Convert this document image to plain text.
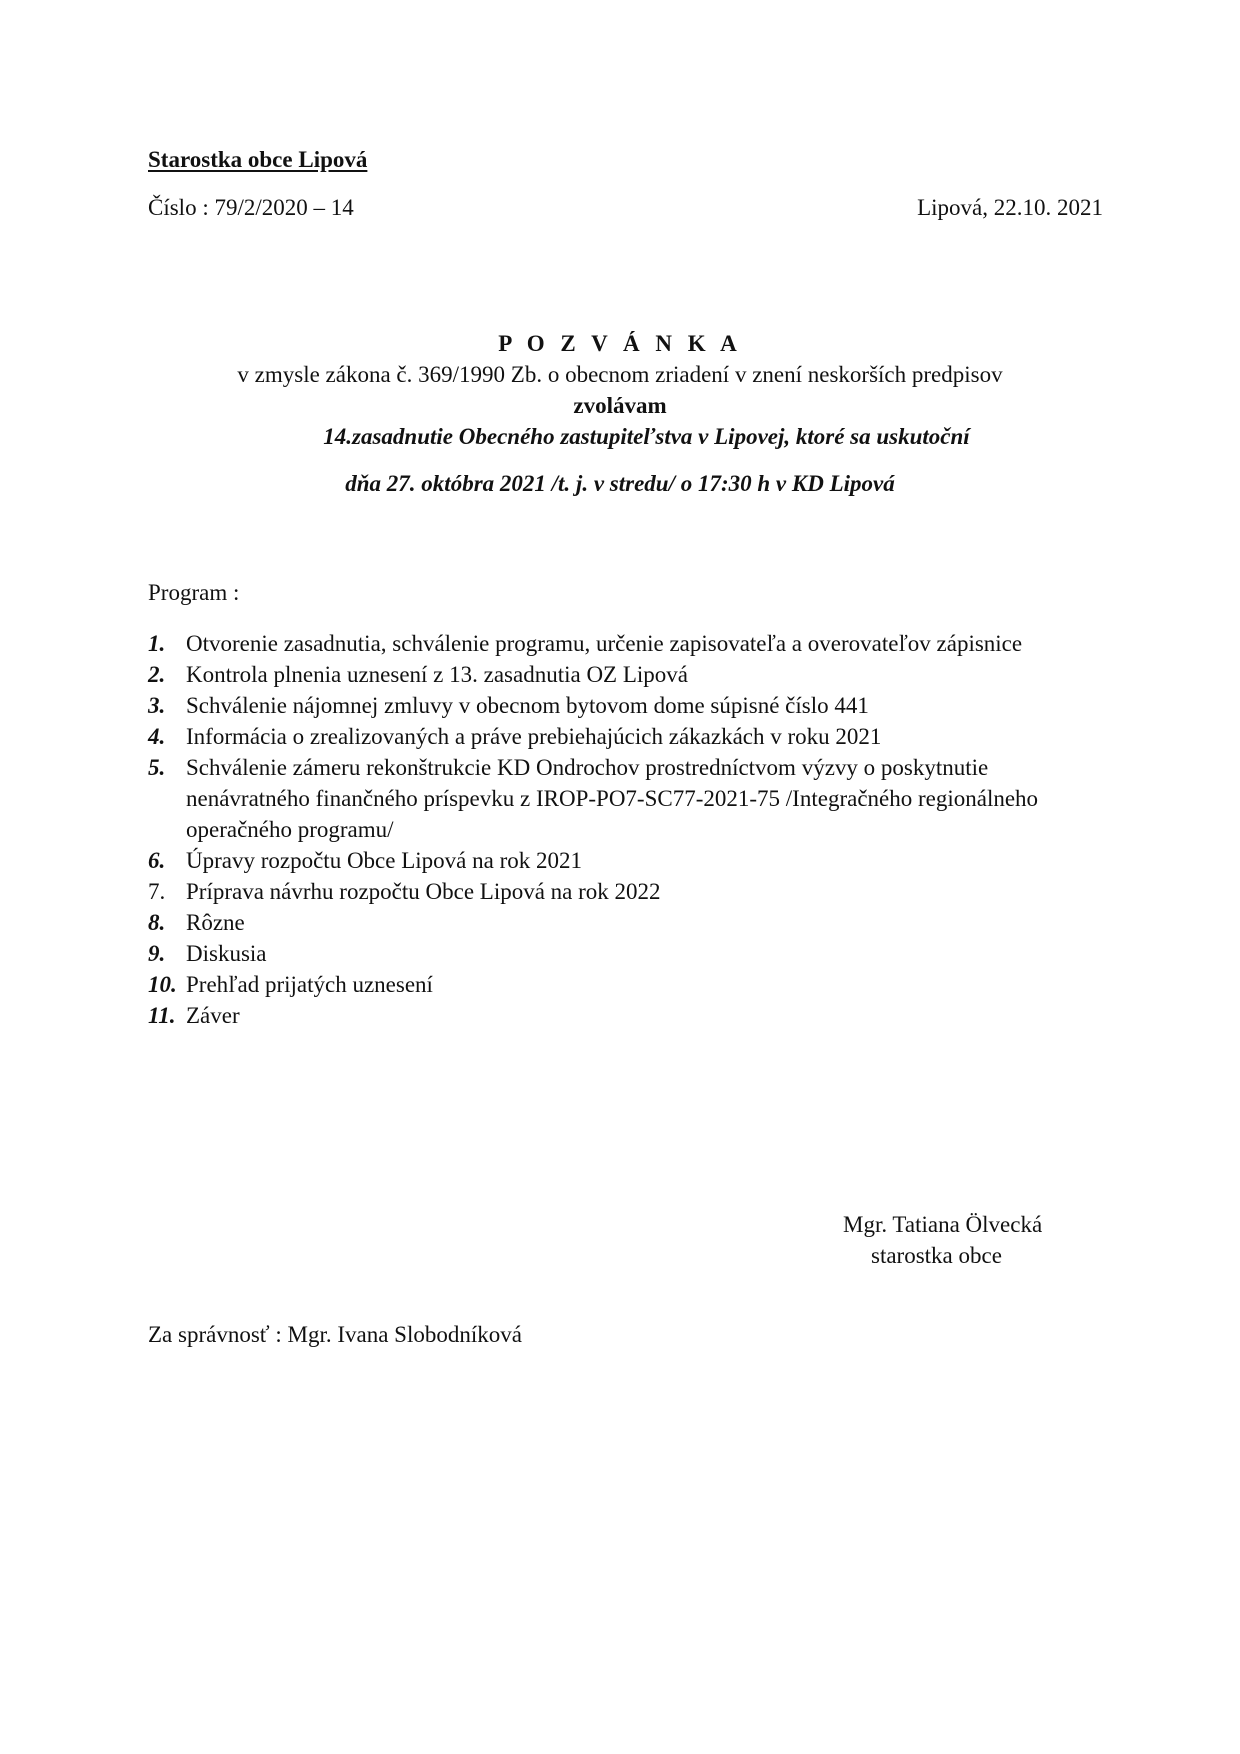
Starostka obce Lipová
Číslo : 79/2/2020 – 14	Lipová, 22.10. 2021
P O Z V Á N K A
v zmysle zákona č. 369/1990 Zb. o obecnom zriadení v znení neskorších predpisov
zvolávam
14.zasadnutie Obecného zastupiteľstva v Lipovej, ktoré sa uskutoční
dňa 27. októbra 2021 /t. j. v stredu/ o 17:30 h v KD Lipová
Program :
1. Otvorenie zasadnutia, schválenie programu, určenie zapisovateľa a overovateľov zápisnice
2. Kontrola plnenia uznesení z 13. zasadnutia OZ Lipová
3. Schválenie nájomnej zmluvy v obecnom bytovom dome súpisné číslo 441
4. Informácia o zrealizovaných a práve prebiehajúcich zákazkách v roku 2021
5. Schválenie zámeru rekonštrukcie KD Ondrochov prostredníctvom výzvy o poskytnutie
nenávratného finančného príspevku z IROP-PO7-SC77-2021-75 /Integračného regionálneho
operačného programu/
6. Úpravy rozpočtu Obce Lipová na rok 2021
7. Príprava návrhu rozpočtu Obce Lipová na rok 2022
8. Rôzne
9. Diskusia
10. Prehľad prijatých uznesení
11. Záver
Mgr. Tatiana Ölvecká
starostka obce
Za správnosť : Mgr. Ivana Slobodníková
